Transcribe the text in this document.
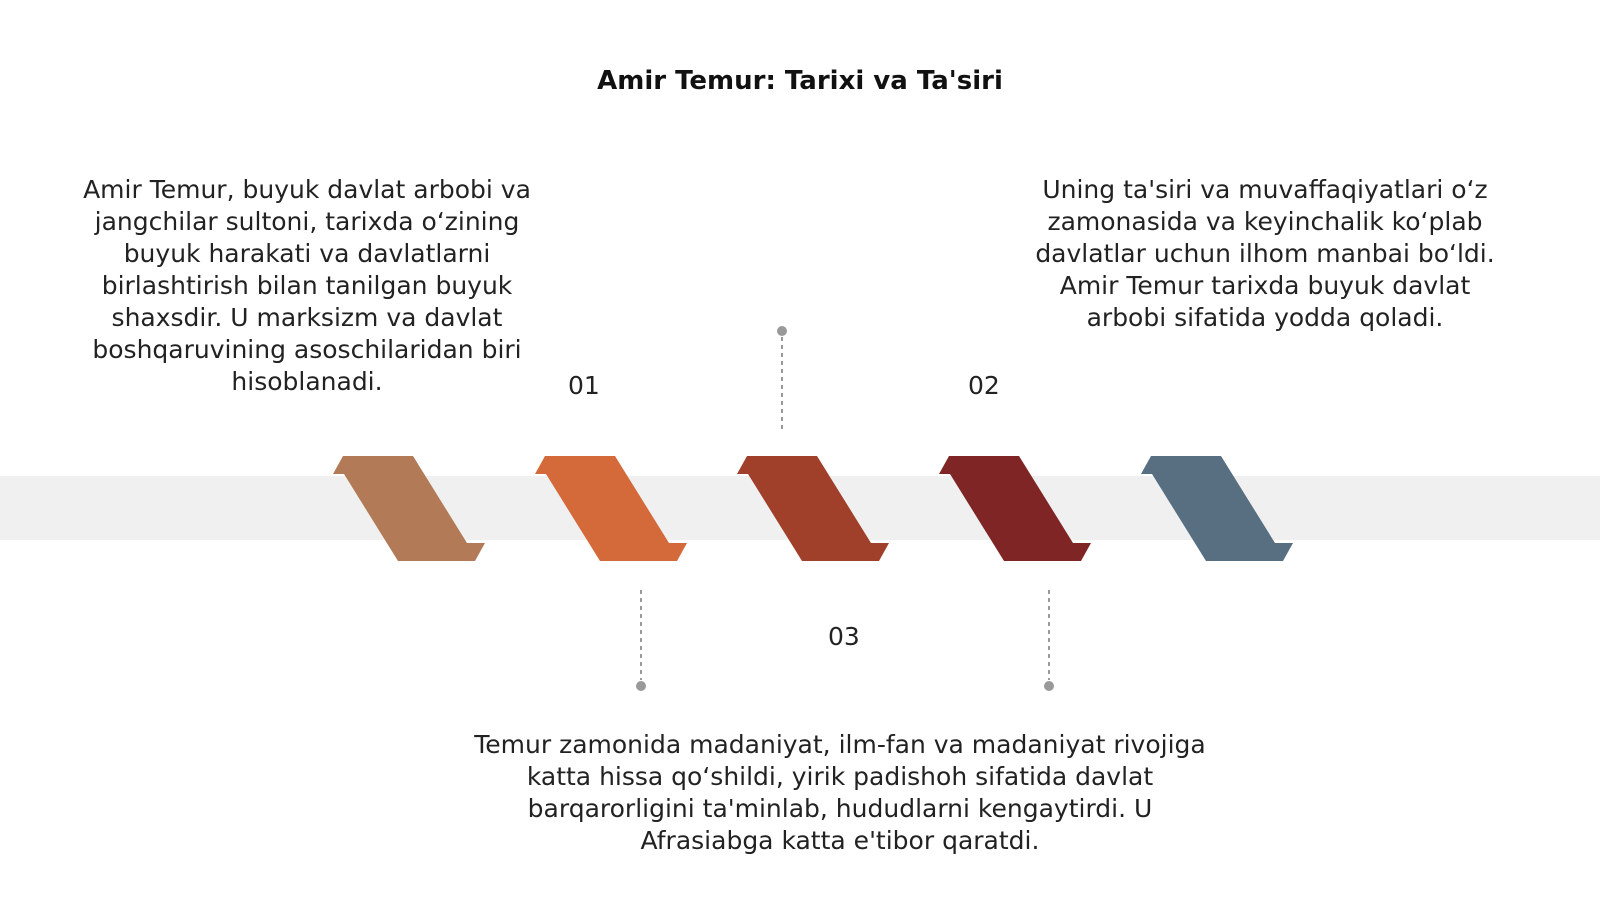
Amir Temur: Tarixi va Ta'siri
Amir Temur, buyuk davlat arbobi va jangchilar sultoni, tarixda o‘zining buyuk harakati va davlatlarni birlashtirish bilan tanilgan buyuk shaxsdir. U marksizm va davlat boshqaruvining asoschilaridan biri hisoblanadi.	01
Uning ta'siri va muvaffaqiyatlari o‘z zamonasida va keyinchalik ko‘plab davlatlar uchun ilhom manbai bo‘ldi. Amir Temur tarixda buyuk davlat arbobi sifatida yodda qoladi.
02
03
Temur zamonida madaniyat, ilm-fan va madaniyat rivojiga katta hissa qo‘shildi, yirik padishoh sifatida davlat barqarorligini ta'minlab, hududlarni kengaytirdi. U Afrasiabga katta e'tibor qaratdi.
